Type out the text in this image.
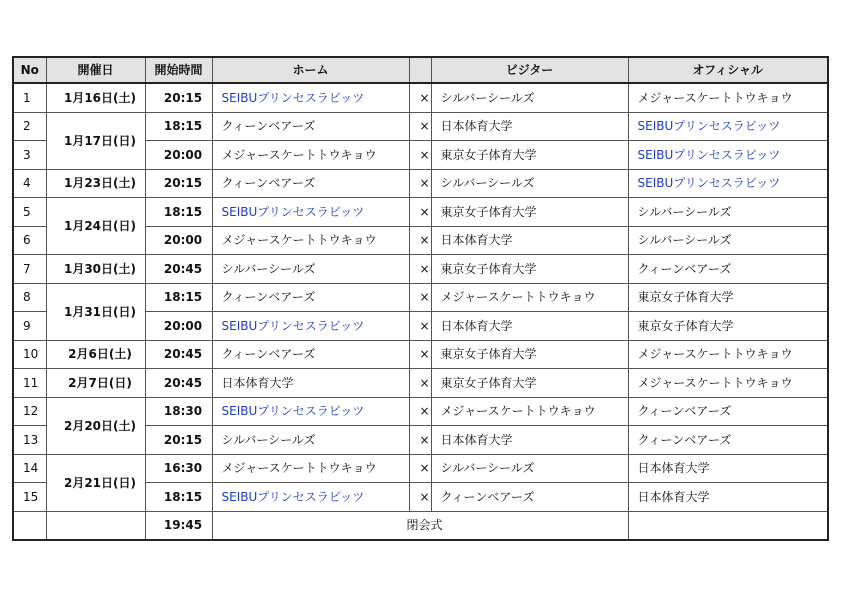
No	開催日	開始時間	ホーム		ビジター	オフィシャル
1	1月16日(土)	20:15	SEIBUプリンセスラビッツ	×	シルバーシールズ	メジャースケートトウキョウ
2	1月17日(日)	18:15	クィーンベアーズ	×	日本体育大学	SEIBUプリンセスラビッツ
3		20:00	メジャースケートトウキョウ	×	東京女子体育大学	SEIBUプリンセスラビッツ
4	1月23日(土)	20:15	クィーンベアーズ	×	シルバーシールズ	SEIBUプリンセスラビッツ
5	1月24日(日)	18:15	SEIBUプリンセスラビッツ	×	東京女子体育大学	シルバーシールズ
6		20:00	メジャースケートトウキョウ	×	日本体育大学	シルバーシールズ
7	1月30日(土)	20:45	シルバーシールズ	×	東京女子体育大学	クィーンベアーズ
8	1月31日(日)	18:15	クィーンベアーズ	×	メジャースケートトウキョウ	東京女子体育大学
9		20:00	SEIBUプリンセスラビッツ	×	日本体育大学	東京女子体育大学
10	2月6日(土)	20:45	クィーンベアーズ	×	東京女子体育大学	メジャースケートトウキョウ
11	2月7日(日)	20:45	日本体育大学	×	東京女子体育大学	メジャースケートトウキョウ
12	2月20日(土)	18:30	SEIBUプリンセスラビッツ	×	メジャースケートトウキョウ	クィーンベアーズ
13		20:15	シルバーシールズ	×	日本体育大学	クィーンベアーズ
14	2月21日(日)	16:30	メジャースケートトウキョウ	×	シルバーシールズ	日本体育大学
15		18:15	SEIBUプリンセスラビッツ	×	クィーンベアーズ	日本体育大学
		19:45	閉会式			
